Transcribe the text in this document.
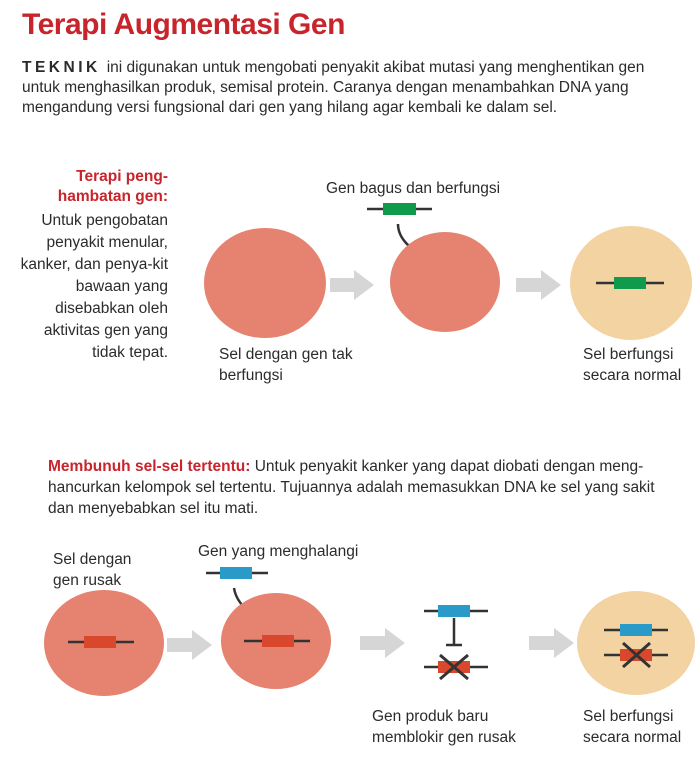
Terapi Augmentasi Gen
TEKNIK ini digunakan untuk mengobati penyakit akibat mutasi yang menghentikan gen untuk menghasilkan produk, semisal protein. Caranya dengan menambahkan DNA yang mengandung versi fungsional dari gen yang hilang agar kembali ke dalam sel.
Terapi peng-
hambatan gen:
Untuk pengobatan penyakit menular, kanker, dan penya-kit bawaan yang disebabkan oleh aktivitas gen yang tidak tepat.
Gen bagus dan berfungsi
Sel dengan gen tak berfungsi
Sel berfungsi secara normal
Membunuh sel-sel tertentu: Untuk penyakit kanker yang dapat diobati dengan meng-hancurkan kelompok sel tertentu. Tujuannya adalah memasukkan DNA ke sel yang sakit dan menyebabkan sel itu mati.
Sel dengan gen rusak
Gen yang menghalangi
Gen produk baru memblokir gen rusak
Sel berfungsi secara normal
